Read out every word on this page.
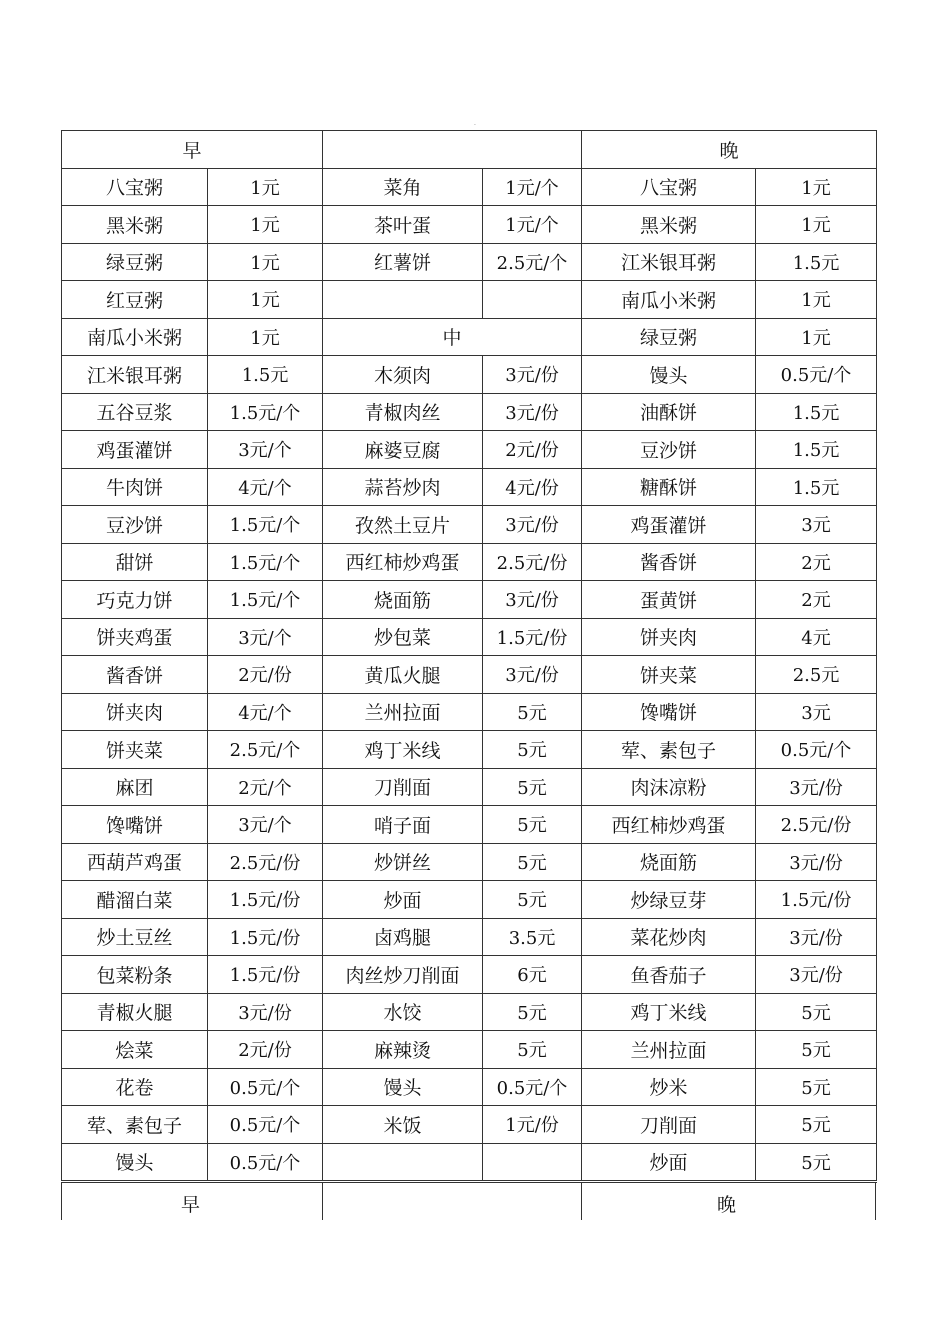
.
早				晚	
八宝粥	1元	菜角	1元/个	八宝粥	1元
黑米粥	1元	茶叶蛋	1元/个	黑米粥	1元
绿豆粥	1元	红薯饼	2.5元/个	江米银耳粥	1.5元
红豆粥	1元			南瓜小米粥	1元
南瓜小米粥	1元	中		绿豆粥	1元
江米银耳粥	1.5元	木须肉	3元/份	馒头	0.5元/个
五谷豆浆	1.5元/个	青椒肉丝	3元/份	油酥饼	1.5元
鸡蛋灌饼	3元/个	麻婆豆腐	2元/份	豆沙饼	1.5元
牛肉饼	4元/个	蒜苔炒肉	4元/份	糖酥饼	1.5元
豆沙饼	1.5元/个	孜然土豆片	3元/份	鸡蛋灌饼	3元
甜饼	1.5元/个	西红柿炒鸡蛋	2.5元/份	酱香饼	2元
巧克力饼	1.5元/个	烧面筋	3元/份	蛋黄饼	2元
饼夹鸡蛋	3元/个	炒包菜	1.5元/份	饼夹肉	4元
酱香饼	2元/份	黄瓜火腿	3元/份	饼夹菜	2.5元
饼夹肉	4元/个	兰州拉面	5元	馋嘴饼	3元
饼夹菜	2.5元/个	鸡丁米线	5元	荤、素包子	0.5元/个
麻团	2元/个	刀削面	5元	肉沫凉粉	3元/份
馋嘴饼	3元/个	哨子面	5元	西红柿炒鸡蛋	2.5元/份
西葫芦鸡蛋	2.5元/份	炒饼丝	5元	烧面筋	3元/份
醋溜白菜	1.5元/份	炒面	5元	炒绿豆芽	1.5元/份
炒土豆丝	1.5元/份	卤鸡腿	3.5元	菜花炒肉	3元/份
包菜粉条	1.5元/份	肉丝炒刀削面	6元	鱼香茄子	3元/份
青椒火腿	3元/份	水饺	5元	鸡丁米线	5元
烩菜	2元/份	麻辣烫	5元	兰州拉面	5元
花卷	0.5元/个	馒头	0.5元/个	炒米	5元
荤、素包子	0.5元/个	米饭	1元/份	刀削面	5元
馒头	0.5元/个			炒面	5元
早	晚
